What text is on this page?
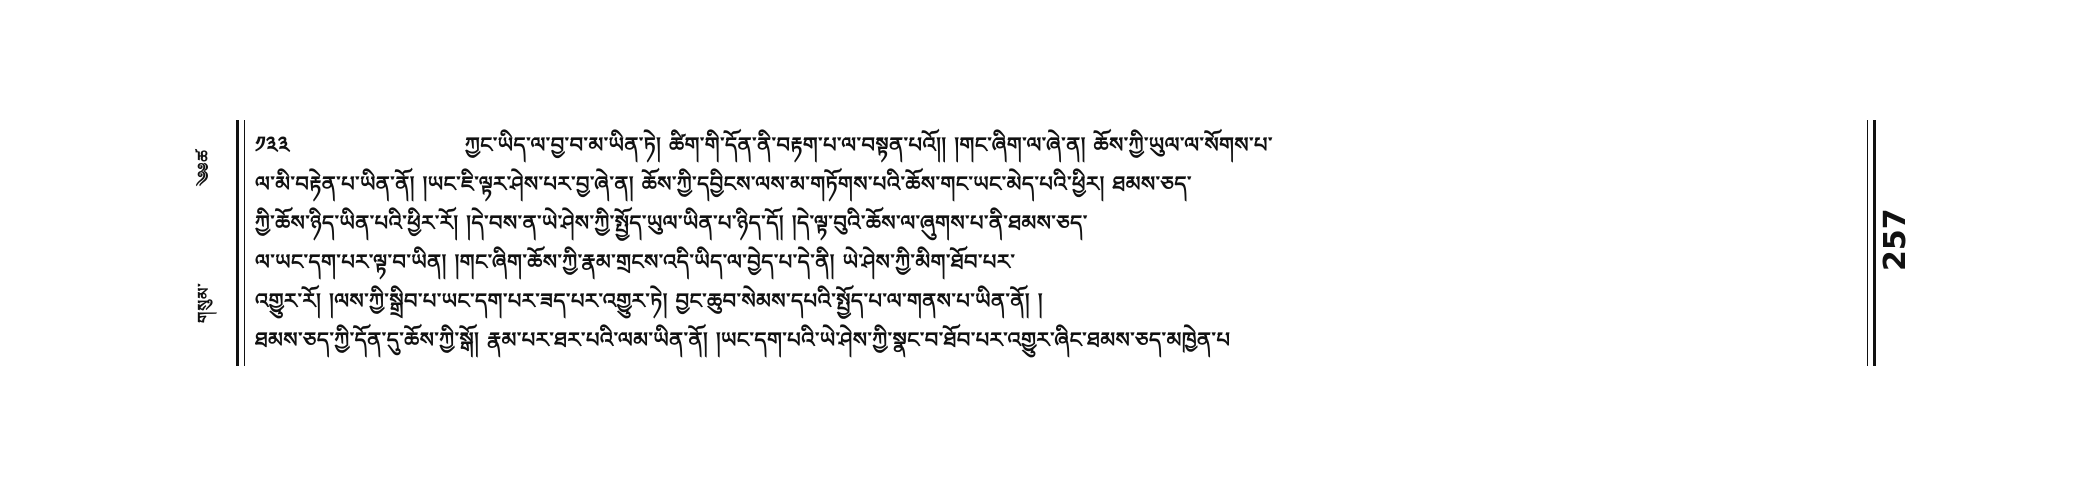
༄༅ཚ
གསུམ་
༡༣༣	ཀྱང་ཡིད་ལ་བྱ་བ་མ་ཡིན་ཏེ། ཚིག་གི་དོན་ནི་བརྟག་པ་ལ་བསྟན་པའོ།། །གང་ཞིག་ལ་ཞེ་ན། ཆོས་ཀྱི་ཡུལ་ལ་སོགས་པ་
ལ་མི་བརྟེན་པ་ཡིན་ནོ། །ཡང་ཇི་ལྟར་ཤེས་པར་བྱ་ཞེ་ན། ཆོས་ཀྱི་དབྱིངས་ལས་མ་གཏོགས་པའི་ཆོས་གང་ཡང་མེད་པའི་ཕྱིར། ཐམས་ཅད་
ཀྱི་ཆོས་ཉིད་ཡིན་པའི་ཕྱིར་རོ། །དེ་བས་ན་ཡེ་ཤེས་ཀྱི་སྤྱོད་ཡུལ་ཡིན་པ་ཉིད་དོ། །དེ་ལྟ་བུའི་ཆོས་ལ་ཞུགས་པ་ནི་ཐམས་ཅད་
ལ་ཡང་དག་པར་ལྟ་བ་ཡིན། །གང་ཞིག་ཆོས་ཀྱི་རྣམ་གྲངས་འདི་ཡིད་ལ་བྱེད་པ་དེ་ནི། ཡེ་ཤེས་ཀྱི་མིག་ཐོབ་པར་
འགྱུར་རོ། །ལས་ཀྱི་སྒྲིབ་པ་ཡང་དག་པར་ཟད་པར་འགྱུར་ཏེ། བྱང་ཆུབ་སེམས་དཔའི་སྤྱོད་པ་ལ་གནས་པ་ཡིན་ནོ། །
ཐམས་ཅད་ཀྱི་དོན་དུ་ཆོས་ཀྱི་སྒོ། རྣམ་པར་ཐར་པའི་ལམ་ཡིན་ནོ། །ཡང་དག་པའི་ཡེ་ཤེས་ཀྱི་སྣང་བ་ཐོབ་པར་འགྱུར་ཞིང་ཐམས་ཅད་མཁྱེན་པ
257
